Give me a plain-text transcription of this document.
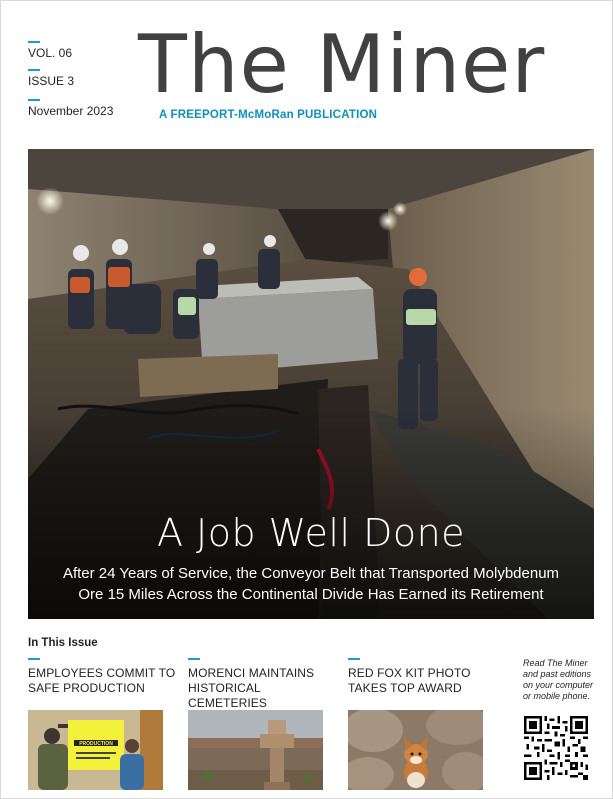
VOL. 06
ISSUE 3
November 2023 The Miner
A FREEPORT-McMoRan PUBLICATION
A Job Well Done
After 24 Years of Service, the Conveyor Belt that Transported Molybdenum
Ore 15 Miles Across the Continental Divide Has Earned its Retirement
In This Issue
EMPLOYEES COMMIT TO
SAFE PRODUCTION
MORENCI MAINTAINS
HISTORICAL CEMETERIES
RED FOX KIT PHOTO
TAKES TOP AWARD
PRODUCTION
Read The Miner
and past editions
on your computer
or mobile phone.
